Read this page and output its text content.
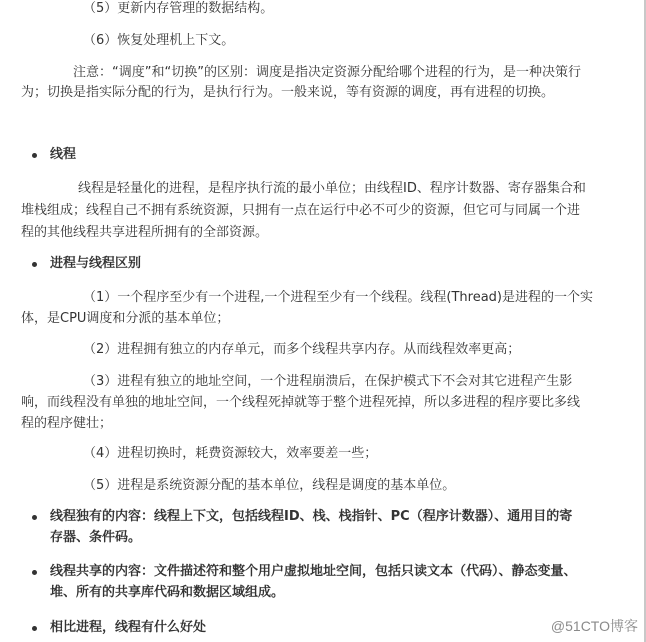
（5）更新内存管理的数据结构。
（6）恢复处理机上下文。
注意：“调度”和“切换”的区别：调度是指决定资源分配给哪个进程的行为，是一种决策行
为；切换是指实际分配的行为，是执行行为。一般来说，等有资源的调度，再有进程的切换。
线程
线程是轻量化的进程，是程序执行流的最小单位；由线程ID、程序计数器、寄存器集合和
堆栈组成；线程自己不拥有系统资源，只拥有一点在运行中必不可少的资源，但它可与同属一个进
程的其他线程共享进程所拥有的全部资源。
进程与线程区别
（1）一个程序至少有一个进程,一个进程至少有一个线程。线程(Thread)是进程的一个实
体，是CPU调度和分派的基本单位；
（2）进程拥有独立的内存单元，而多个线程共享内存。从而线程效率更高；
（3）进程有独立的地址空间，一个进程崩溃后，在保护模式下不会对其它进程产生影
响，而线程没有单独的地址空间，一个线程死掉就等于整个进程死掉，所以多进程的程序要比多线
程的程序健壮；
（4）进程切换时，耗费资源较大，效率要差一些；
（5）进程是系统资源分配的基本单位，线程是调度的基本单位。
线程独有的内容：线程上下文，包括线程ID、栈、栈指针、PC（程序计数器）、通用目的寄
存器、条件码。
线程共享的内容：文件描述符和整个用户虚拟地址空间，包括只读文本（代码）、静态变量、
堆、所有的共享库代码和数据区域组成。
相比进程，线程有什么好处	@51CTO博客
